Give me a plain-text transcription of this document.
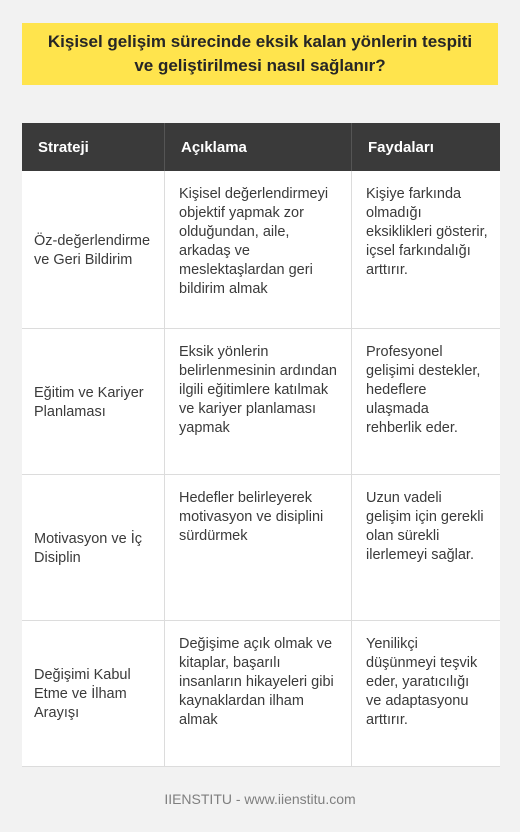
Kişisel gelişim sürecinde eksik kalan yönlerin tespiti ve geliştirilmesi nasıl sağlanır?
Strateji	Açıklama	Faydaları
Öz-değerlendirme ve Geri Bildirim
Kişisel değerlendirmeyi objektif yapmak zor olduğundan, aile, arkadaş ve meslektaşlardan geri bildirim almak
Kişiye farkında olmadığı eksiklikleri gösterir, içsel farkındalığı arttırır.
Eğitim ve Kariyer Planlaması
Eksik yönlerin belirlenmesinin ardından ilgili eğitimlere katılmak ve kariyer planlaması yapmak
Profesyonel gelişimi destekler, hedeflere ulaşmada rehberlik eder.
Motivasyon ve İç Disiplin
Hedefler belirleyerek motivasyon ve disiplini sürdürmek
Uzun vadeli gelişim için gerekli olan sürekli ilerlemeyi sağlar.
Değişimi Kabul Etme ve İlham Arayışı
Değişime açık olmak ve kitaplar, başarılı insanların hikayeleri gibi kaynaklardan ilham almak
Yenilikçi düşünmeyi teşvik eder, yaratıcılığı ve adaptasyonu arttırır.
IIENSTITU - www.iienstitu.com
